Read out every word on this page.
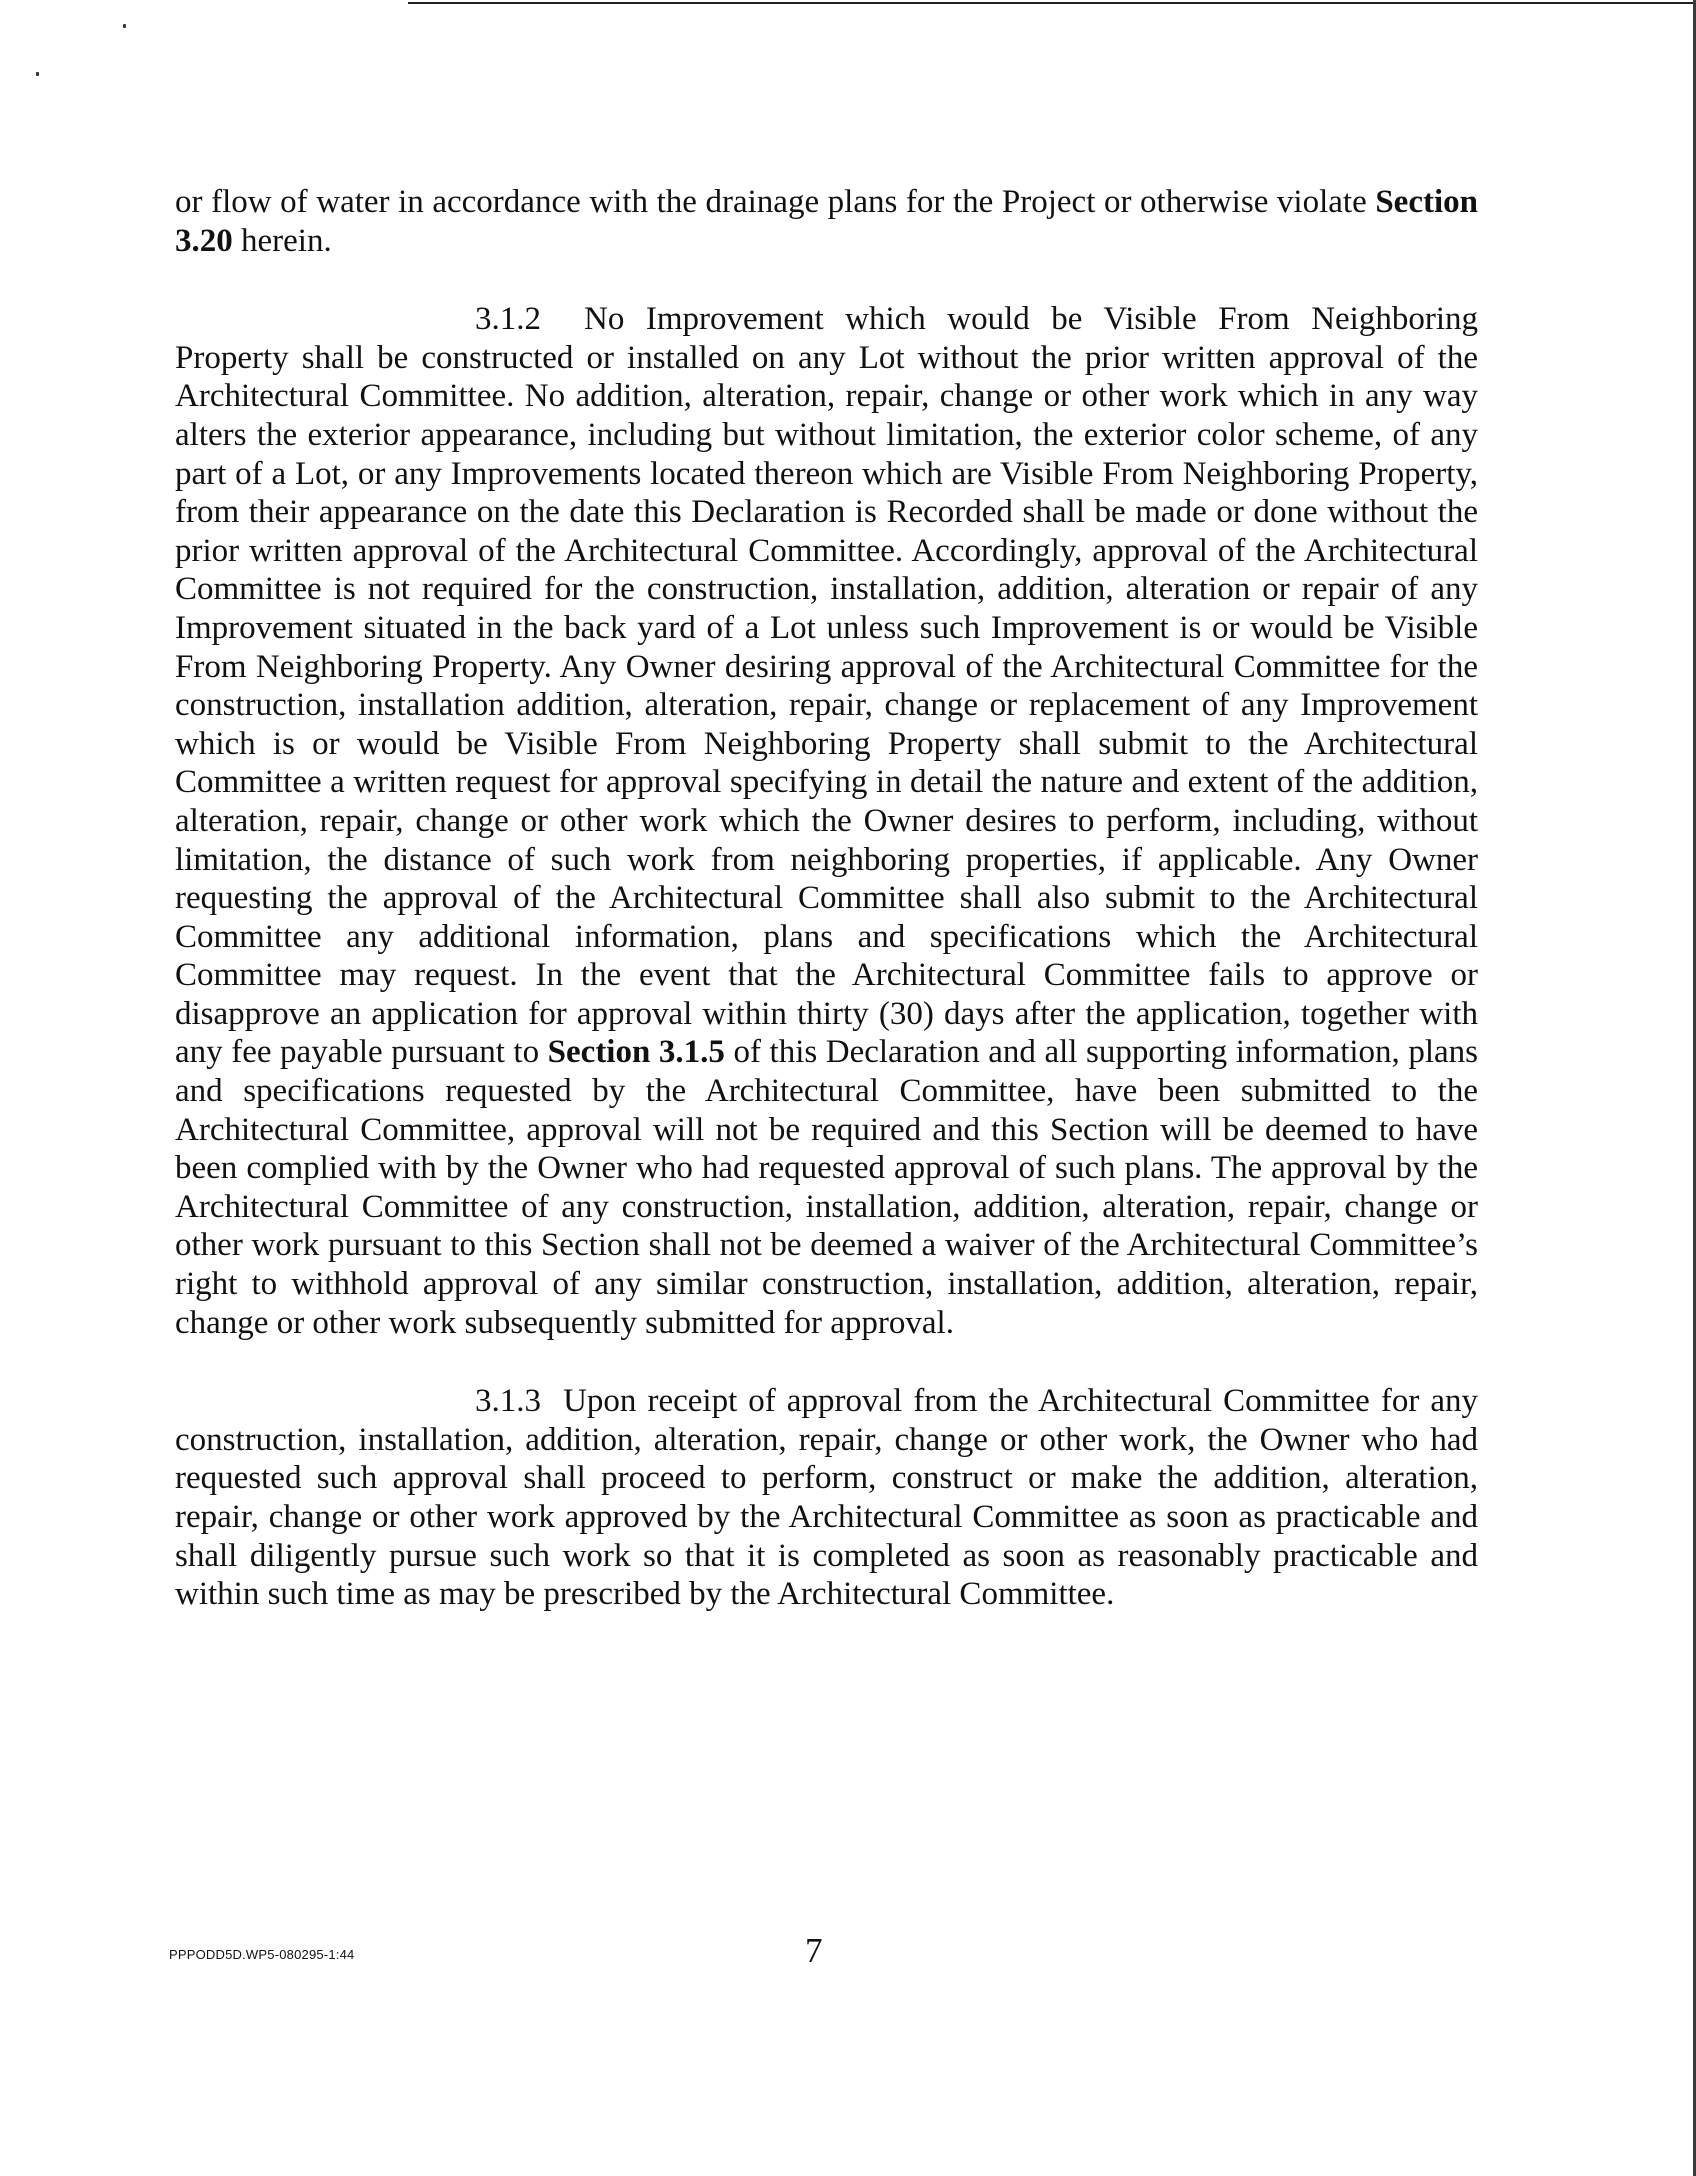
or flow of water in accordance with the drainage plans for the Project or otherwise violate Section 3.20 herein.

3.1.2 No Improvement which would be Visible From Neighboring Property shall be constructed or installed on any Lot without the prior written approval of the Architectural Committee. No addition, alteration, repair, change or other work which in any way alters the exterior appearance, including but without limitation, the exterior color scheme, of any part of a Lot, or any Improvements located thereon which are Visible From Neighboring Property, from their appearance on the date this Declaration is Recorded shall be made or done without the prior written approval of the Architectural Committee. Accordingly, approval of the Architectural Committee is not required for the construction, installation, addition, alteration or repair of any Improvement situated in the back yard of a Lot unless such Improvement is or would be Visible From Neighboring Property. Any Owner desiring approval of the Architectural Committee for the construction, installation addition, alteration, repair, change or replacement of any Improvement which is or would be Visible From Neighboring Property shall submit to the Architectural Committee a written request for approval specifying in detail the nature and extent of the addition, alteration, repair, change or other work which the Owner desires to perform, including, without limitation, the distance of such work from neighboring properties, if applicable. Any Owner requesting the approval of the Architectural Committee shall also submit to the Architectural Committee any additional information, plans and specifications which the Architectural Committee may request. In the event that the Architectural Committee fails to approve or disapprove an application for approval within thirty (30) days after the application, together with any fee payable pursuant to Section 3.1.5 of this Declaration and all supporting information, plans and specifications requested by the Architectural Committee, have been submitted to the Architectural Committee, approval will not be required and this Section will be deemed to have been complied with by the Owner who had requested approval of such plans. The approval by the Architectural Committee of any construction, installation, addition, alteration, repair, change or other work pursuant to this Section shall not be deemed a waiver of the Architectural Committee’s right to withhold approval of any similar construction, installation, addition, alteration, repair, change or other work subsequently submitted for approval.

3.1.3 Upon receipt of approval from the Architectural Committee for any construction, installation, addition, alteration, repair, change or other work, the Owner who had requested such approval shall proceed to perform, construct or make the addition, alteration, repair, change or other work approved by the Architectural Committee as soon as practicable and shall diligently pursue such work so that it is completed as soon as reasonably practicable and within such time as may be prescribed by the Architectural Committee.

PPPODD5D.WP5-080295-1:44	7
